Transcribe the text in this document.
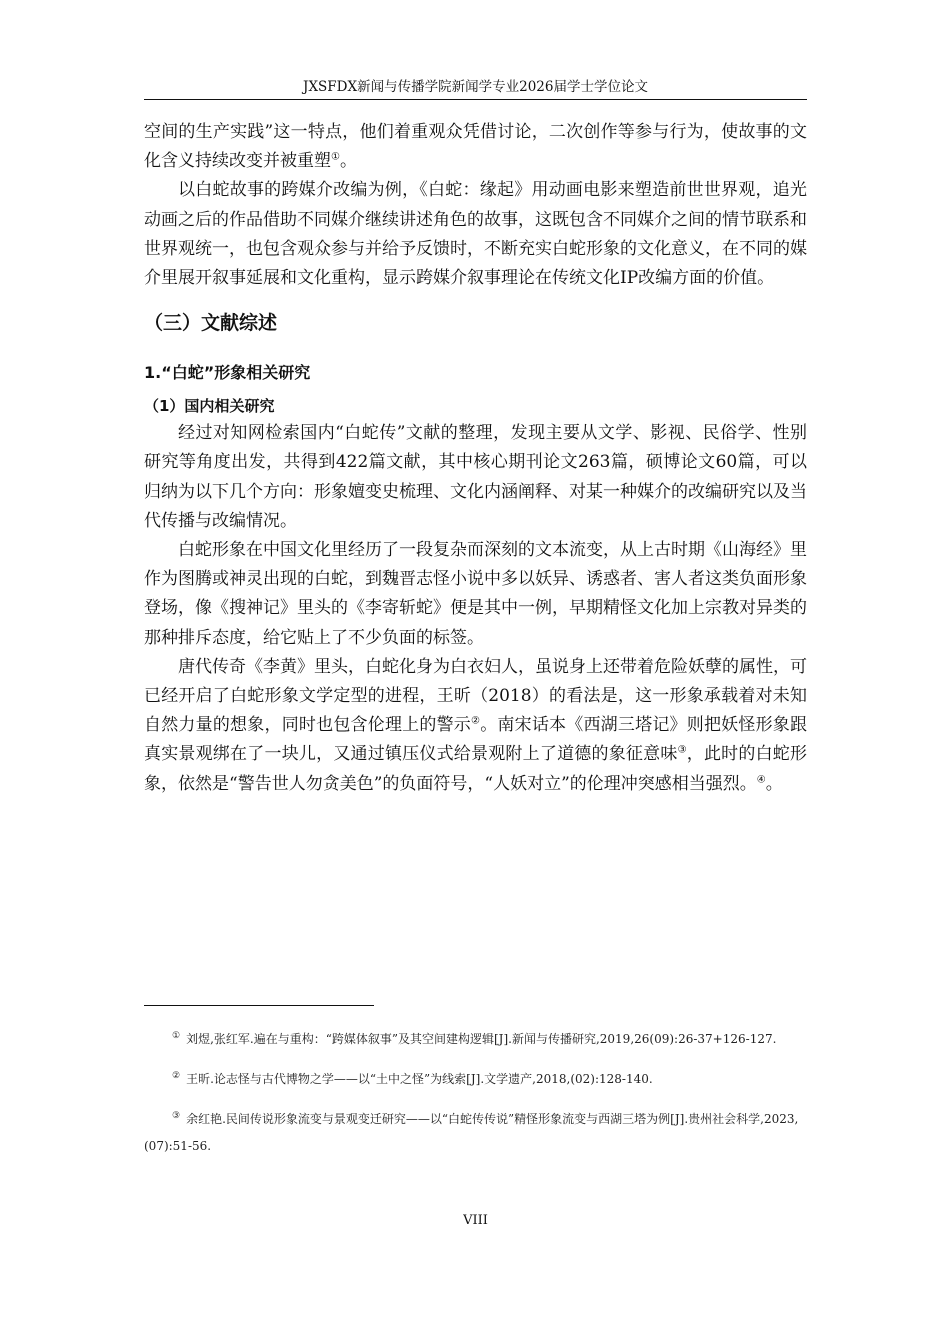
JXSFDX新闻与传播学院新闻学专业2026届学士学位论文

空间的生产实践”这一特点，他们着重观众凭借讨论，二次创作等参与行为，使故事的文化含义持续改变并被重塑①。

以白蛇故事的跨媒介改编为例，《白蛇：缘起》用动画电影来塑造前世世界观，追光动画之后的作品借助不同媒介继续讲述角色的故事，这既包含不同媒介之间的情节联系和世界观统一，也包含观众参与并给予反馈时，不断充实白蛇形象的文化意义，在不同的媒介里展开叙事延展和文化重构，显示跨媒介叙事理论在传统文化IP改编方面的价值。

（三）文献综述
1.“白蛇”形象相关研究
（1）国内相关研究

经过对知网检索国内“白蛇传”文献的整理，发现主要从文学、影视、民俗学、性别研究等角度出发，共得到422篇文献，其中核心期刊论文263篇，硕博论文60篇，可以归纳为以下几个方向：形象嬗变史梳理、文化内涵阐释、对某一种媒介的改编研究以及当代传播与改编情况。

白蛇形象在中国文化里经历了一段复杂而深刻的文本流变，从上古时期《山海经》里作为图腾或神灵出现的白蛇，到魏晋志怪小说中多以妖异、诱惑者、害人者这类负面形象登场，像《搜神记》里头的《李寄斩蛇》便是其中一例，早期精怪文化加上宗教对异类的那种排斥态度，给它贴上了不少负面的标签。

唐代传奇《李黄》里头，白蛇化身为白衣妇人，虽说身上还带着危险妖孽的属性，可已经开启了白蛇形象文学定型的进程，王昕（2018）的看法是，这一形象承载着对未知自然力量的想象，同时也包含伦理上的警示②。南宋话本《西湖三塔记》则把妖怪形象跟真实景观绑在了一块儿，又通过镇压仪式给景观附上了道德的象征意味③，此时的白蛇形象，依然是“警告世人勿贪美色”的负面符号，“人妖对立”的伦理冲突感相当强烈。④。

① 刘煜,张红军.遍在与重构：“跨媒体叙事”及其空间建构逻辑[J].新闻与传播研究,2019,26(09):26-37+126-127.

② 王昕.论志怪与古代博物之学——以“土中之怪”为线索[J].文学遗产,2018,(02):128-140.

③ 余红艳.民间传说形象流变与景观变迁研究——以“白蛇传传说”精怪形象流变与西湖三塔为例[J].贵州社会科学,2023,(07):51-56.

VIII
